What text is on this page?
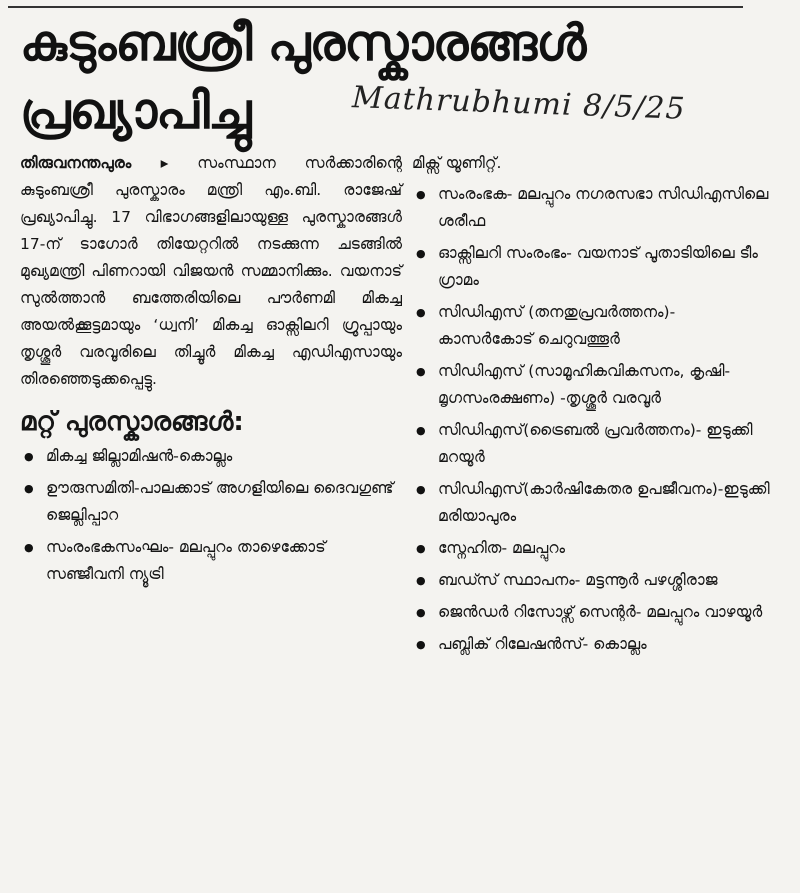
കുടുംബശ്രീ പുരസ്കാരങ്ങൾ
പ്രഖ്യാപിച്ചു	Mathrubhumi 8/5/25

തിരുവനന്തപുരം ▸ സംസ്ഥാന സർക്കാരിന്റെ കുടുംബശ്രീ പുരസ്കാരം മന്ത്രി എം.ബി. രാജേഷ് പ്രഖ്യാപിച്ചു. 17 വിഭാഗങ്ങളിലായുള്ള പുരസ്കാരങ്ങൾ 17-ന് ടാഗോർ തിയേറ്ററിൽ നടക്കുന്ന ചടങ്ങിൽ മുഖ്യമന്ത്രി പിണറായി വിജയൻ സമ്മാനിക്കും. വയനാട് സുൽത്താൻ ബത്തേരിയിലെ പൗർണമി മികച്ച അയൽക്കൂട്ടമായും ‘ധ്വനി’ മികച്ച ഓക്സിലറി ഗ്രൂപ്പായും തൃശ്ശൂർ വരവൂരിലെ തിച്ചൂർ മികച്ച എഡിഎസായും തിരഞ്ഞെടുക്കപ്പെട്ടു.

മറ്റ് പുരസ്കാരങ്ങൾ:
● മികച്ച ജില്ലാമിഷൻ-കൊല്ലം
● ഊരുസമിതി-പാലക്കാട് അഗളിയിലെ ദൈവഗുണ്ട് ജെല്ലിപ്പാറ
● സംരംഭകസംഘം- മലപ്പുറം താഴെക്കോട് സഞ്ജീവനി ന്യൂട്രി

മിക്സ് യൂണിറ്റ്.

● സംരംഭക- മലപ്പുറം നഗരസഭാ സിഡിഎസിലെ ശരീഫ
● ഓക്സിലറി സംരംഭം- വയനാട് പൂതാടിയിലെ ടീം ഗ്രാമം
● സിഡിഎസ് (തനതുപ്രവർത്തനം)- കാസർകോട് ചെറുവത്തൂർ
● സിഡിഎസ് (സാമൂഹികവികസനം, കൃഷി-മൃഗസംരക്ഷണം) -തൃശ്ശൂർ വരവൂർ
● സിഡിഎസ്(ട്രൈബൽ പ്രവർത്തനം)- ഇടുക്കി മറയൂർ
● സിഡിഎസ്(കാർഷികേതര ഉപജീവനം)-ഇടുക്കി മരിയാപുരം
● സ്നേഹിത- മലപ്പുറം
● ബഡ്സ് സ്ഥാപനം- മട്ടന്നൂർ പഴശ്ശിരാജ
● ജെൻഡർ റിസോഴ്സ് സെന്റർ- മലപ്പുറം വാഴയൂർ
● പബ്ലിക് റിലേഷൻസ്- കൊല്ലം
